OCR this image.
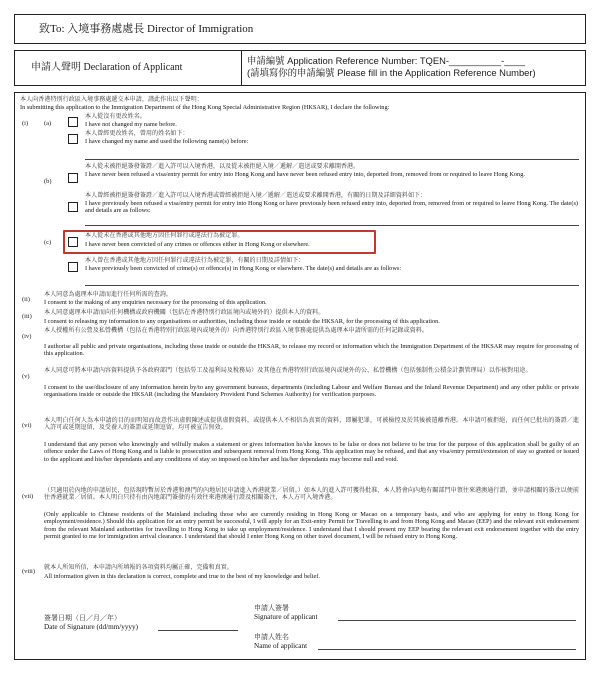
致To: 入境事務處處長 Director of Immigration
申請人聲明 Declaration of Applicant
申請編號 Application Reference Number: TQEN-__________-____
(請填寫你的申請編號 Please fill in the Application Reference Number)
本人向香港特別行政區入境事務處遞交本申請，謹此作出以下聲明：
In submitting this application to the Immigration Department of the Hong Kong Special Administrative Region (HKSAR), I declare the following:
(i) (a)
本人從沒有更改姓名。
I have not changed my name before.
本人曾經更改姓名，曾用的姓名如下：
I have changed my name and used the following name(s) before:
(b)
本人從未被拒絕簽發簽證／進入許可以入境香港，以及從未被拒絕入境／遞解／遣送或要求離開香港。
I have never been refused a visa/entry permit for entry into Hong Kong and have never been refused entry into, deported from, removed from or required to leave Hong Kong.
本人曾經被拒絕簽發簽證／進入許可以入境香港或曾經被拒絕入境／遞解／遣送或要求離開香港，有關的日期及詳細資料如下：
I have previously been refused a visa/entry permit for entry into Hong Kong or have previously been refused entry into, deported from, removed from or required to leave Hong Kong. The date(s) and details are as follows:
(c)
本人從未在香港或其他地方因任何罪行或違法行為被定罪。
I have never been convicted of any crimes or offences either in Hong Kong or elsewhere.
本人曾在香港或其他地方因任何罪行或違法行為被定罪，有關的日期及詳情如下：
I have previously been convicted of crime(s) or offence(s) in Hong Kong or elsewhere. The date(s) and details are as follows:
(ii)
本人同意為處理本申請而進行任何所需的查詢。
I consent to the making of any enquiries necessary for the processing of this application.
(iii) 本人同意處理本申請而向任何機構或政府機關（包括在香港特別行政區境內或境外的）提供本人的資料。
I consent to releasing my information to any organisations or authorities, including those inside or outside the HKSAR, for the processing of this application.
(iv)
本人授權所有公營及私營機構（包括在香港特別行政區境內或境外的）向香港特別行政區入境事務處提供為處理本申請所需的任何記錄或資料。
I authorise all public and private organisations, including those inside or outside the HKSAR, to release my record or information which the Immigration Department of the HKSAR may require for processing of this application.
(v)
本人同意可將本申請內容資料提供予各政府部門（包括勞工及福利局及稅務局）及其他在香港特別行政區境內或境外的公、私營機構（包括強制性公積金計劃管理局）以作核對用途。
I consent to the use/disclosure of any information herein by/to any government bureaux, departments (including Labour and Welfare Bureau and the Inland Revenue Department) and any other public or private organisations inside or outside the HKSAR (including the Mandatory Provident Fund Schemes Authority) for verification purposes.
(vi)
本人明白任何人為本申請的目的而明知而故意作出虛假陳述或提供虛假資料，或提供本人不相信為真實的資料，即屬犯罪，可被檢控及於其後被遣離香港。本申請可被拒絕，而任何已批出的簽證／進入許可或延期逗留，及受養人的簽證或延期逗留，均可被宣告無效。
I understand that any person who knowingly and wilfully makes a statement or gives information he/she knows to be false or does not believe to be true for the purpose of this application shall be guilty of an offence under the Laws of Hong Kong and is liable to prosecution and subsequent removal from Hong Kong. This application may be refused, and that any visa/entry permit/extension of stay so granted or issued to the applicant and his/her dependants and any conditions of stay so imposed on him/her and his/her dependants may become null and void.
(vii)
（只適用於內地的申請居民，包括現時暫居於香港和澳門的內地居民申請進入香港就業／居留。）如本人的進入許可獲得批准，本人將會向內地有關部門申領往來港澳通行證，並申請相關的簽注以便前往香港就業／居留。本人明白只持有由內地部門簽發的有效往來港澳通行證及相關簽注，本人方可入境香港。
(Only applicable to Chinese residents of the Mainland including those who are currently residing in Hong Kong or Macao on a temporary basis, and who are applying for entry to Hong Kong for employment/residence.) Should this application for an entry permit be successful, I will apply for an Exit-entry Permit for Travelling to and from Hong Kong and Macao (EEP) and the relevant exit endorsement from the relevant Mainland authorities for travelling to Hong Kong to take up employment/residence. I understand that I should present my EEP bearing the relevant exit endorsement together with the entry permit granted to me for immigration arrival clearance. I understand that should I enter Hong Kong on other travel document, I will be refused entry to Hong Kong.
(viii) 就本人所知所信，本申請內所填報的各項資料均屬正確，完備和真實。
All information given in this declaration is correct, complete and true to the best of my knowledge and belief.
簽署日期（日／月／年）
Date of Signature (dd/mm/yyyy)
申請人簽署
Signature of applicant
申請人姓名
Name of applicant
